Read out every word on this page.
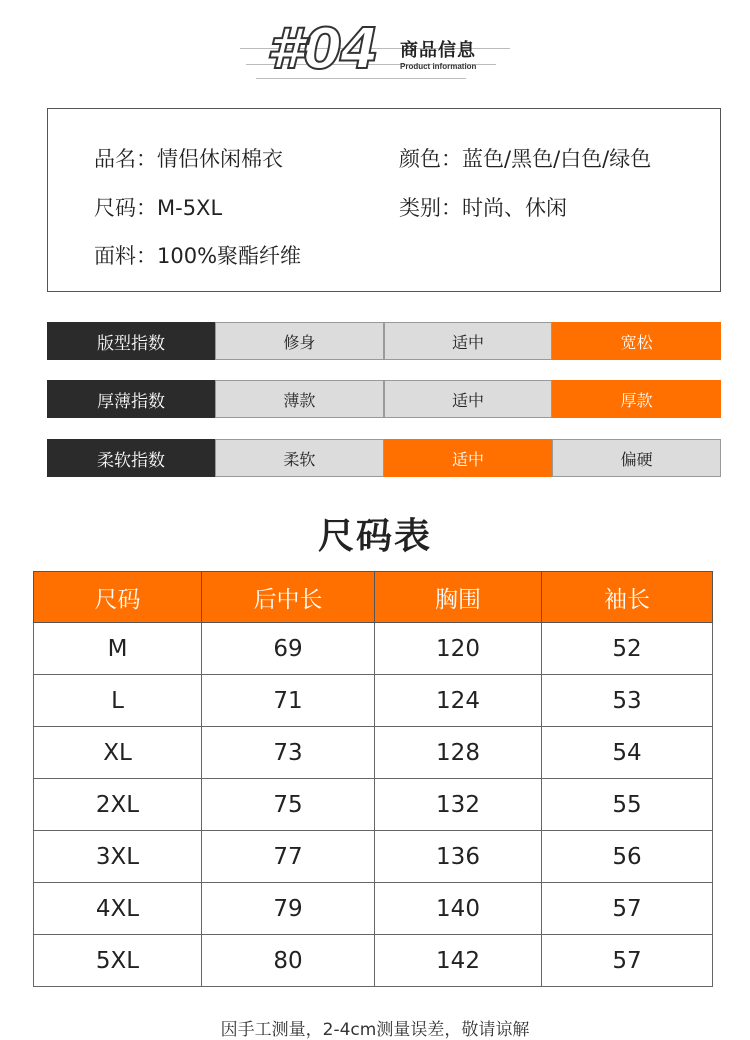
#04 商品信息
Product information
品名：情侣休闲棉衣	颜色：蓝色/黑色/白色/绿色
尺码：M-5XL	类别：时尚、休闲
面料：100%聚酯纤维
版型指数	修身	适中	宽松
厚薄指数	薄款	适中	厚款
柔软指数	柔软	适中	偏硬
尺码表
尺码	后中长	胸围	袖长
M	69	120	52
L	71	124	53
XL	73	128	54
2XL	75	132	55
3XL	77	136	56
4XL	79	140	57
5XL	80	142	57
因手工测量，2-4cm测量误差，敬请谅解
